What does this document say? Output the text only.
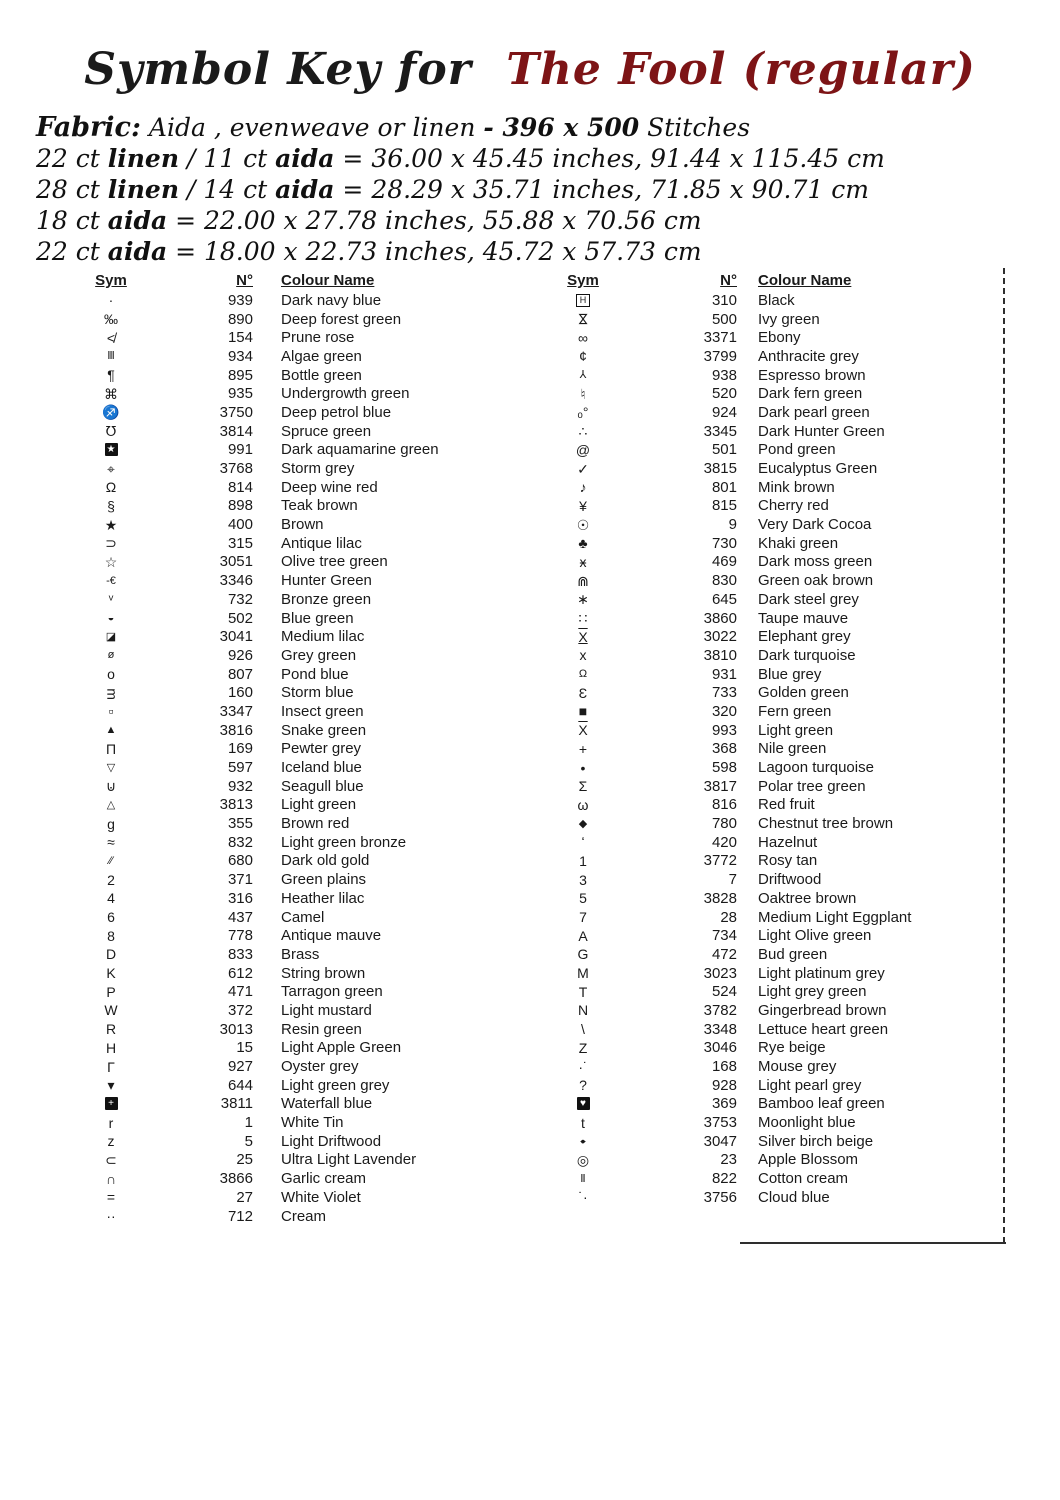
Symbol Key for The Fool (regular)
Fabric: Aida , evenweave or linen - 396 x 500 Stitches
22 ct linen / 11 ct aida = 36.00 x 45.45 inches, 91.44 x 115.45 cm
28 ct linen / 14 ct aida = 28.29 x 35.71 inches, 71.85 x 90.71 cm
18 ct aida = 22.00 x 27.78 inches, 55.88 x 70.56 cm
22 ct aida = 18.00 x 22.73 inches, 45.72 x 57.73 cm
Sym	N°	Colour Name
·	939	Dark navy blue
‰	890	Deep forest green
≮	154	Prune rose
Ⅲ	934	Algae green
¶	895	Bottle green
⌘	935	Undergrowth green
♐	3750	Deep petrol blue
℧	3814	Spruce green
★	991	Dark aquamarine green
⌖	3768	Storm grey
Ω	814	Deep wine red
§	898	Teak brown
★	400	Brown
⊃	315	Antique lilac
☆	3051	Olive tree green
-€	3346	Hunter Green
ᵛ	732	Bronze green
◒	502	Blue green
◪	3041	Medium lilac
ø	926	Grey green
o	807	Pond blue
ᴟ	160	Storm blue
▫	3347	Insect green
▲	3816	Snake green
Π	169	Pewter grey
▽	597	Iceland blue
⊍	932	Seagull blue
△	3813	Light green
g	355	Brown red
≈	832	Light green bronze
∕∕	680	Dark old gold
2	371	Green plains
4	316	Heather lilac
6	437	Camel
8	778	Antique mauve
D	833	Brass
K	612	String brown
P	471	Tarragon green
W	372	Light mustard
R	3013	Resin green
H	15	Light Apple Green
Γ	927	Oyster grey
▾	644	Light green grey
+	3811	Waterfall blue
r	1	White Tin
z	5	Light Driftwood
⊂	25	Ultra Light Lavender
∩	3866	Garlic cream
=	27	White Violet
··	712	Cream
Sym	N°	Colour Name
H	310	Black
⋈	500	Ivy green
∞	3371	Ebony
¢	3799	Anthracite grey
⅄	938	Espresso brown
♮	520	Dark fern green
ₒ°	924	Dark pearl green
∴	3345	Dark Hunter Green
@	501	Pond green
✓	3815	Eucalyptus Green
♪	801	Mink brown
¥	815	Cherry red
☉	9	Very Dark Cocoa
♣	730	Khaki green
ӿ	469	Dark moss green
⋒	830	Green oak brown
∗	645	Dark steel grey
∷	3860	Taupe mauve
X	3022	Elephant grey
x	3810	Dark turquoise
Ω	931	Blue grey
Ɛ	733	Golden green
■	320	Fern green
$\overline{X}$	993	Light green
+	368	Nile green
•	598	Lagoon turquoise
Σ	3817	Polar tree green
ω	816	Red fruit
◆	780	Chestnut tree brown
ʻ	420	Hazelnut
1	3772	Rosy tan
3	7	Driftwood
5	3828	Oaktree brown
7	28	Medium Light Eggplant
A	734	Light Olive green
G	472	Bud green
M	3023	Light platinum grey
T	524	Light grey green
N	3782	Gingerbread brown
\	3348	Lettuce heart green
Z	3046	Rye beige
·˙	168	Mouse grey
?	928	Light pearl grey
♥	369	Bamboo leaf green
t	3753	Moonlight blue
•	3047	Silver birch beige
◎	23	Apple Blossom
Ⅱ	822	Cotton cream
˙·	3756	Cloud blue
